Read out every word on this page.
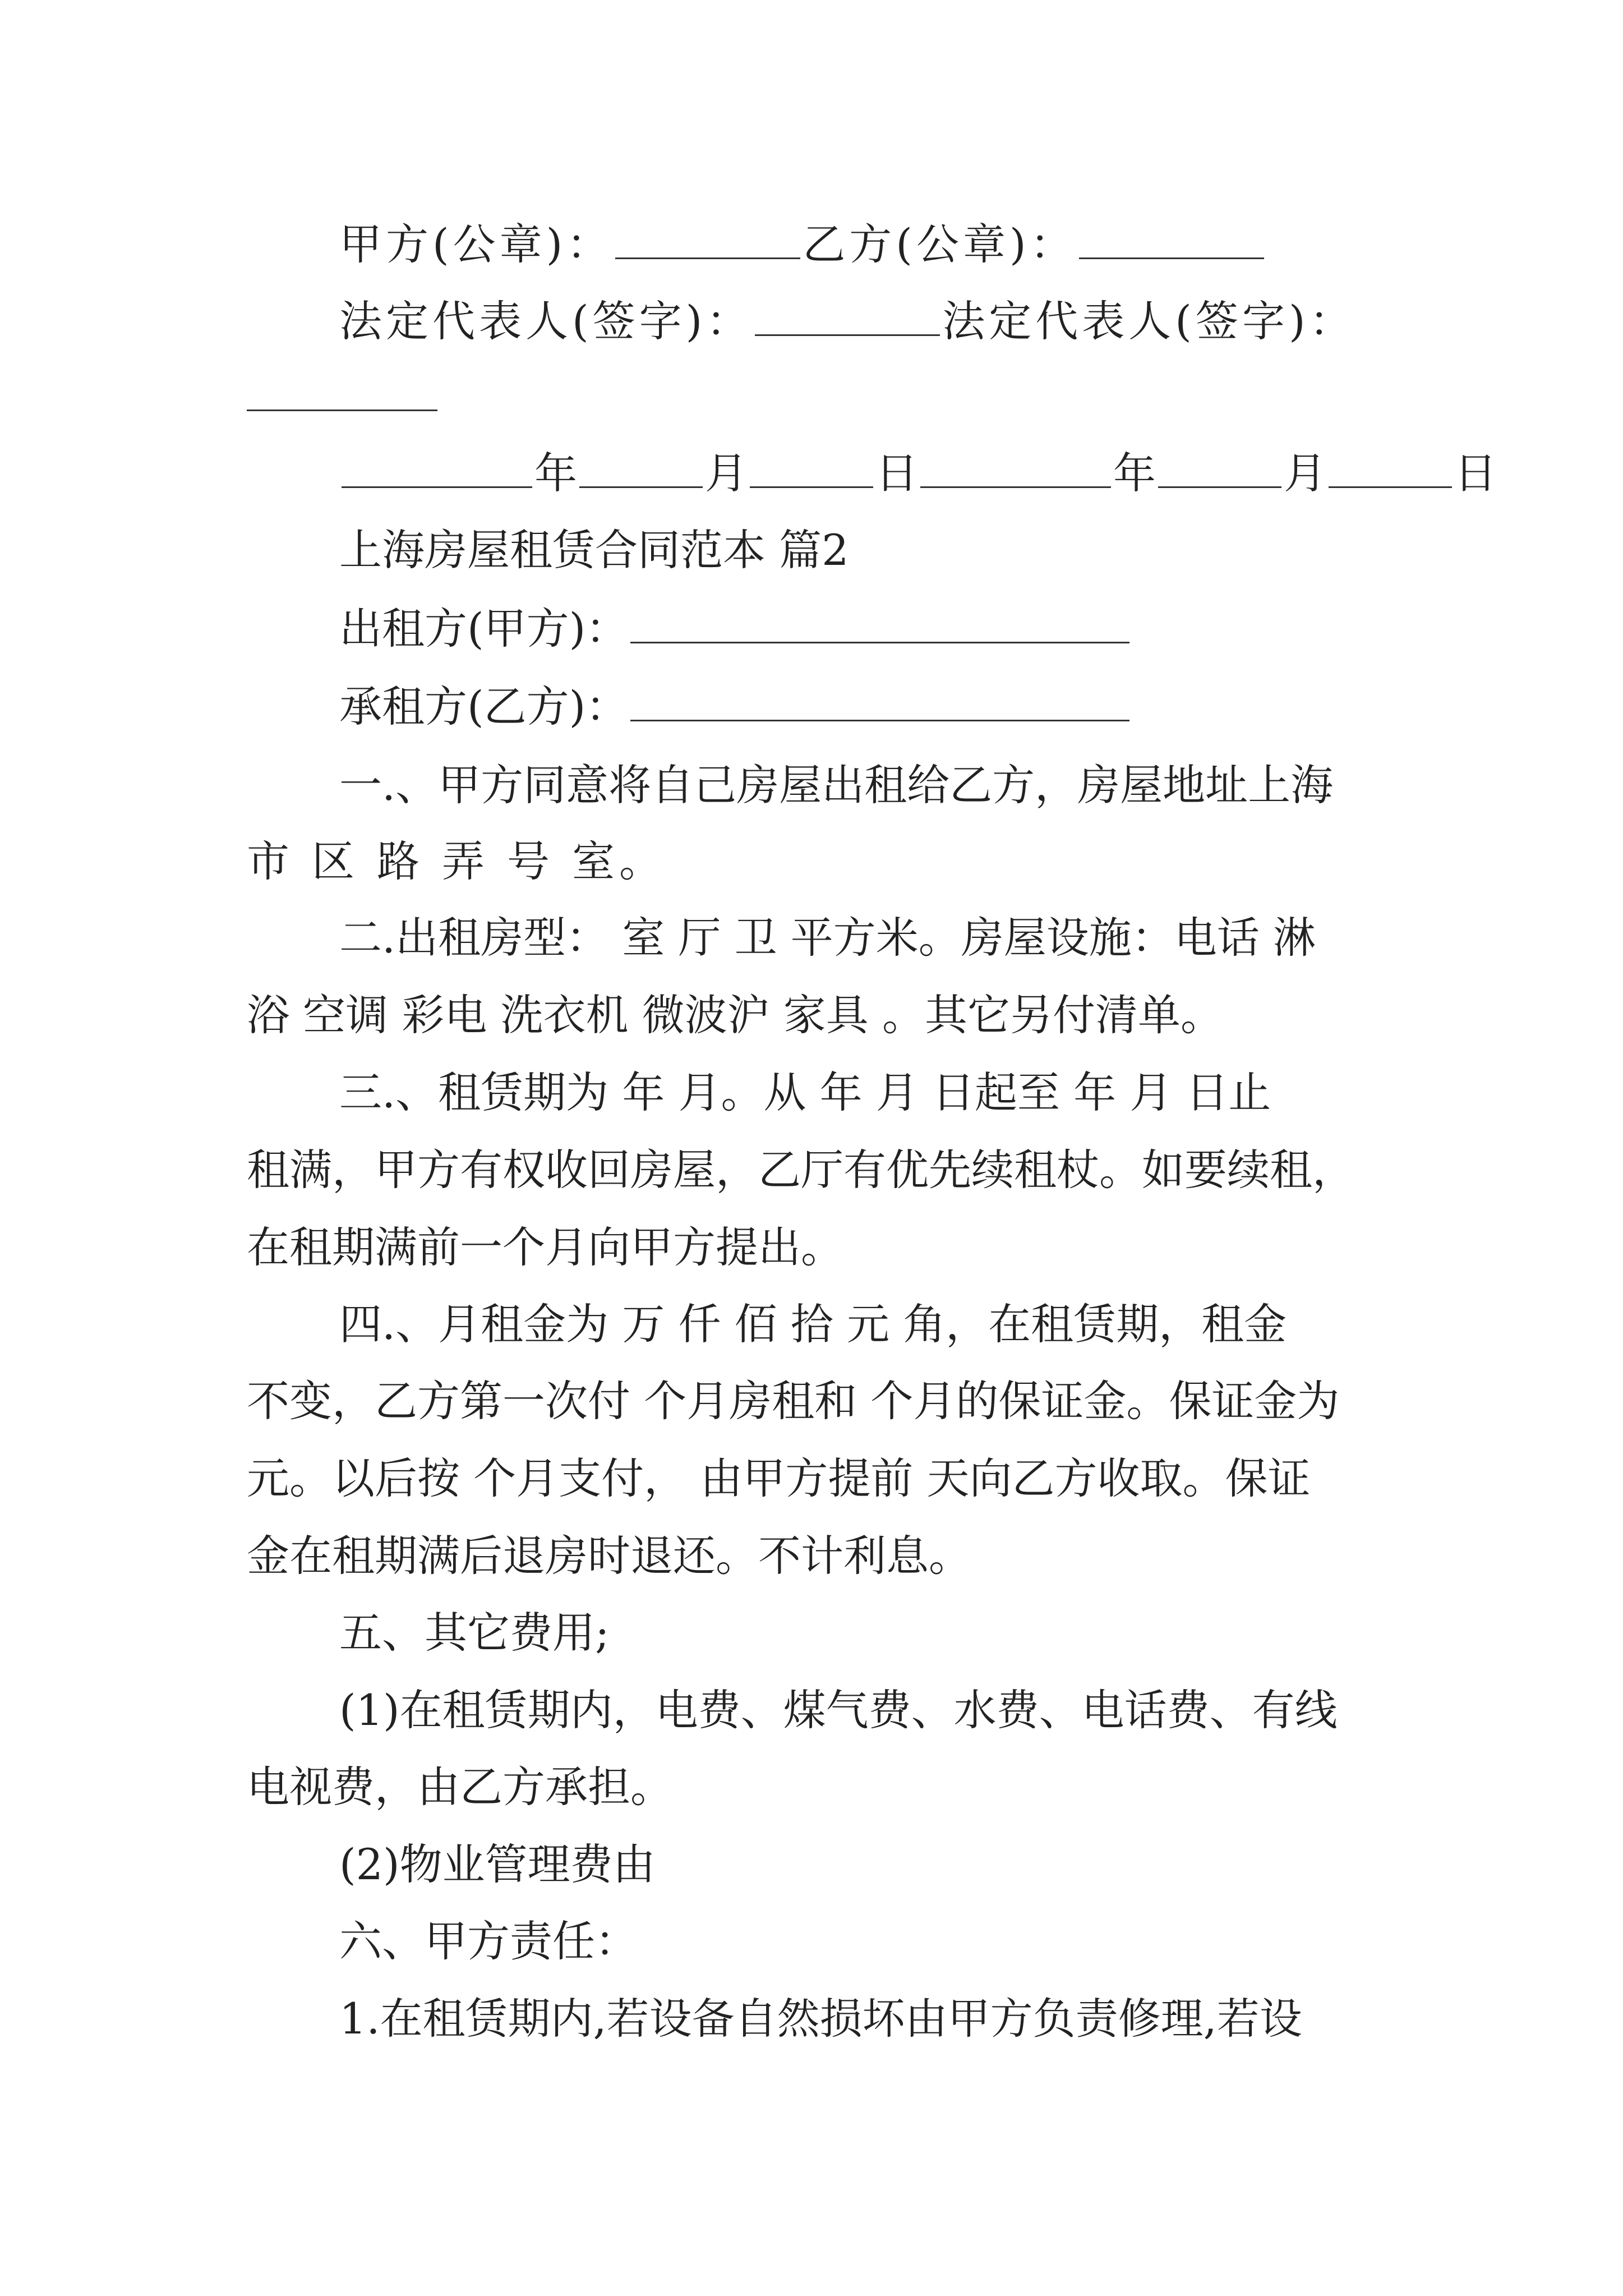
甲方(公章)：	乙方(公章)：
法定代表人(签字)：	法定代表人(签字)：
年	月	日	年	月	日
上海房屋租赁合同范本 篇2
出租方(甲方)：
承租方(乙方)：
一.、甲方同意将自己房屋出租给乙方，房屋地址上海
市 区 路 弄 号 室。
二.出租房型： 室 厅 卫 平方米。房屋设施：电话 淋
浴 空调 彩电 洗衣机 微波沪 家具 。其它另付清单。
三.、租赁期为 年 月。从 年 月 日起至 年 月 日止
租满，甲方有权收回房屋，乙厅有优先续租杖。如要续租，
在租期满前一个月向甲方提出。
四.、月租金为 万 仟 佰 拾 元 角，在租赁期，租金
不变，乙方第一次付 个月房租和 个月的保证金。保证金为
元。以后按 个月支付， 由甲方提前 天向乙方收取。保证
金在租期满后退房时退还。不计利息。
五、其它费用;
(1)在租赁期内，电费、煤气费、水费、电话费、有线
电视费，由乙方承担。
(2)物业管理费由
六、甲方责任：
1.在租赁期内,若设备自然损坏由甲方负责修理,若设
